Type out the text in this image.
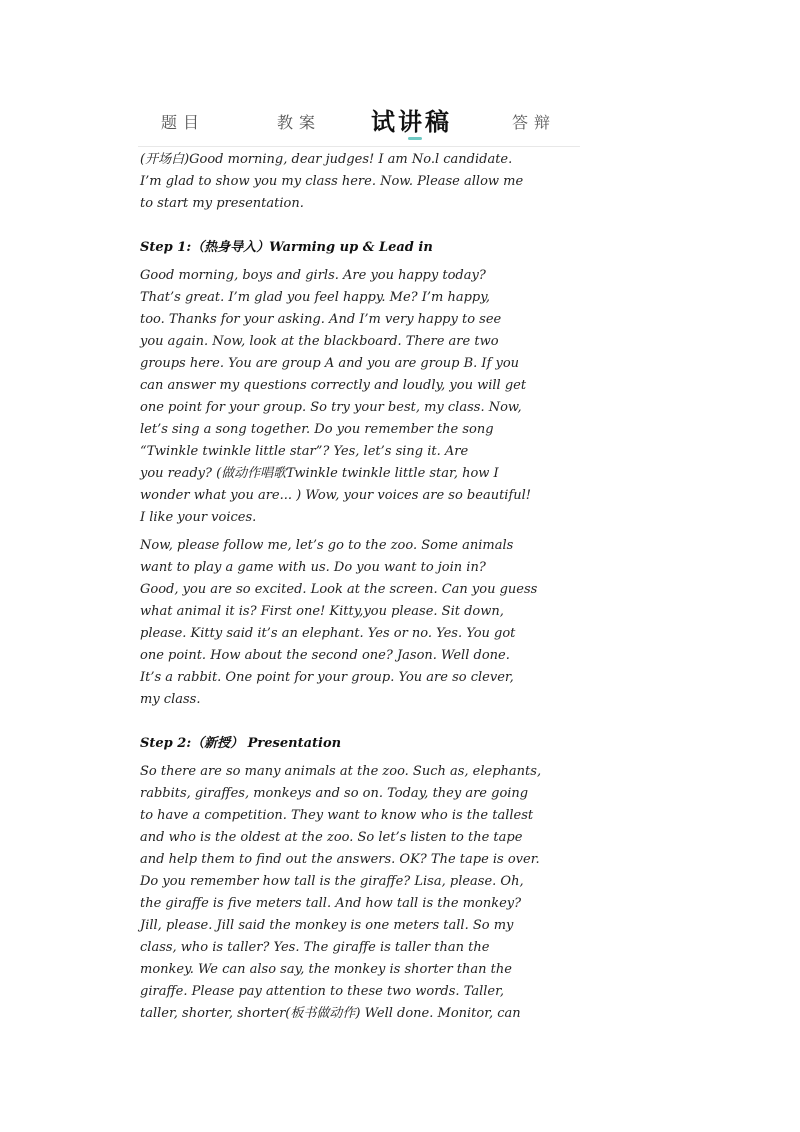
题目	教案 试讲稿	答辩

(开场白)Good morning, dear judges! I am No.l candidate.
I’m glad to show you my class here. Now. Please allow me
to start my presentation.

Step 1:（热身导入）Warming up & Lead in

Good morning, boys and girls. Are you happy today?
That’s great. I’m glad you feel happy. Me? I’m happy,
too. Thanks for your asking. And I’m very happy to see
you again. Now, look at the blackboard. There are two
groups here. You are group A and you are group B. If you
can answer my questions correctly and loudly, you will get
one point for your group. So try your best, my class. Now,
let’s sing a song together. Do you remember the song
“Twinkle twinkle little star”? Yes, let’s sing it. Are
you ready? (做动作唱歌Twinkle twinkle little star, how I
wonder what you are... ) Wow, your voices are so beautiful!
I like your voices.

Now, please follow me, let’s go to the zoo. Some animals
want to play a game with us. Do you want to join in?
Good, you are so excited. Look at the screen. Can you guess
what animal it is? First one! Kitty,you please. Sit down,
please. Kitty said it’s an elephant. Yes or no. Yes. You got
one point. How about the second one? Jason. Well done.
It’s a rabbit. One point for your group. You are so clever,
my class.

Step 2:（新授） Presentation

So there are so many animals at the zoo. Such as, elephants,
rabbits, giraffes, monkeys and so on. Today, they are going
to have a competition. They want to know who is the tallest
and who is the oldest at the zoo. So let’s listen to the tape
and help them to find out the answers. OK? The tape is over.
Do you remember how tall is the giraffe? Lisa, please. Oh,
the giraffe is five meters tall. And how tall is the monkey?
Jill, please. Jill said the monkey is one meters tall. So my
class, who is taller? Yes. The giraffe is taller than the
monkey. We can also say, the monkey is shorter than the
giraffe. Please pay attention to these two words. Taller,
taller, shorter, shorter(板书做动作) Well done. Monitor, can
